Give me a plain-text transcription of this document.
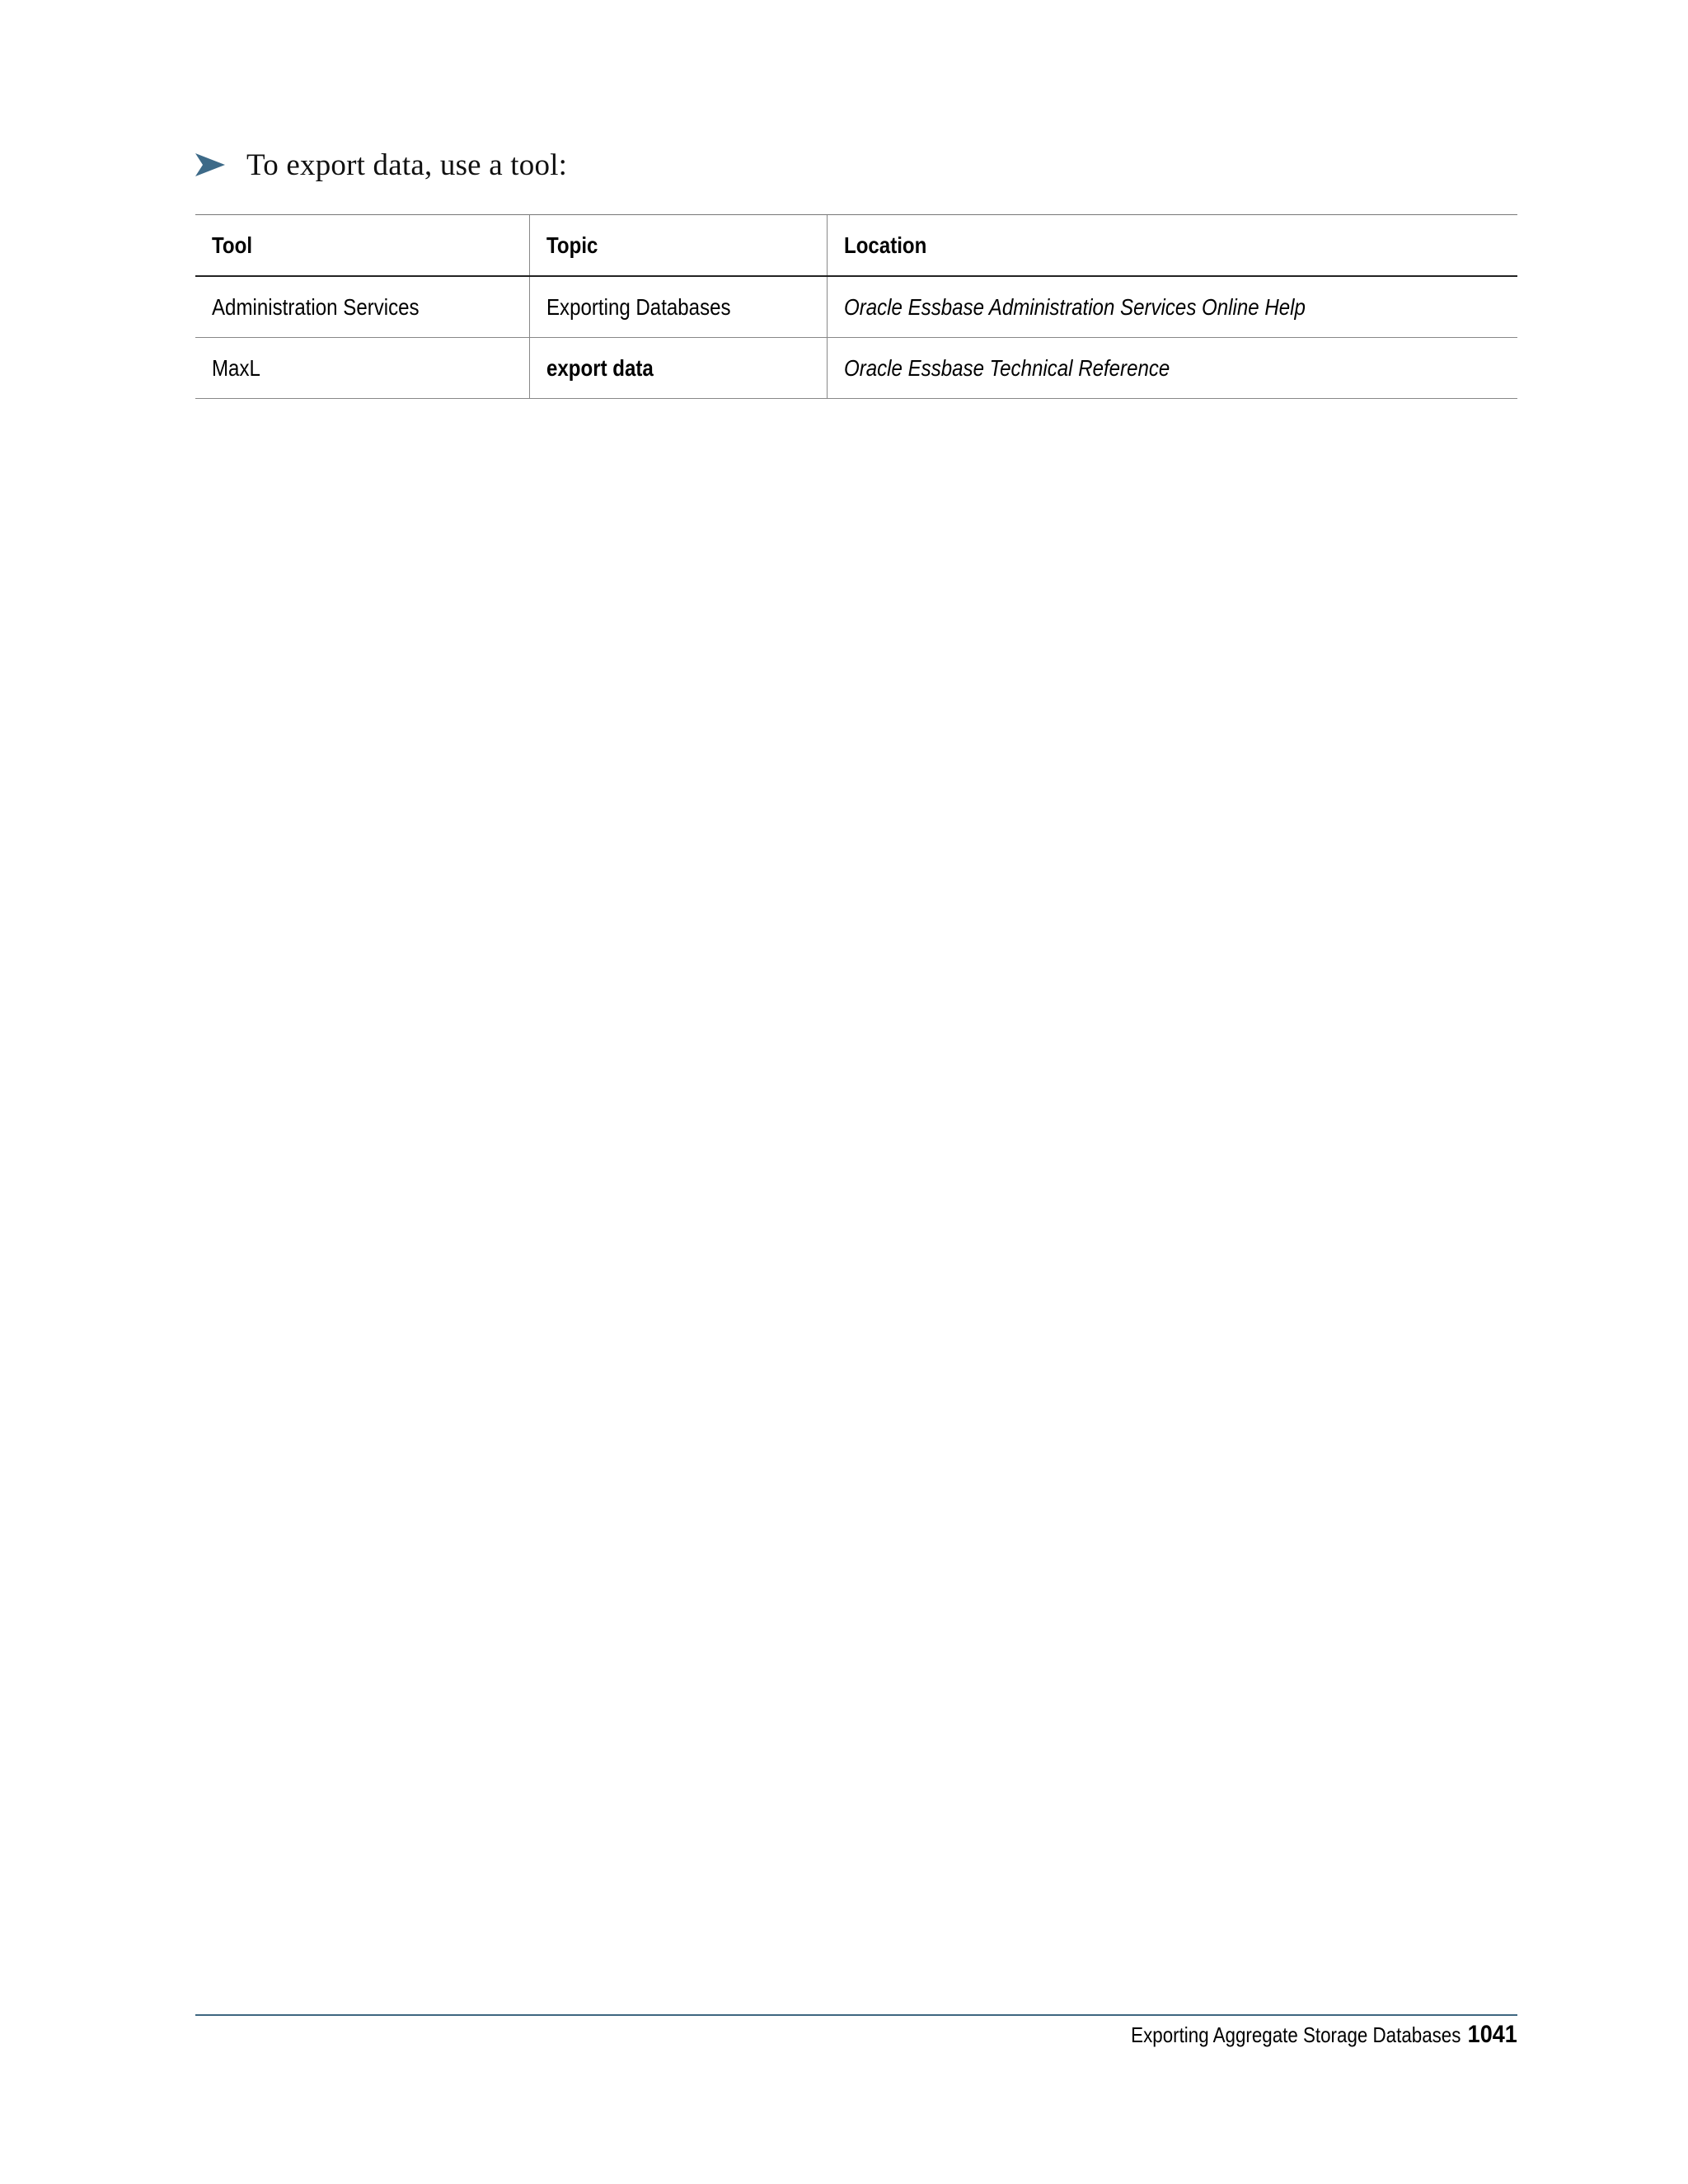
To export data, use a tool:
Tool	Topic	Location
Administration Services	Exporting Databases	Oracle Essbase Administration Services Online Help
MaxL	export data	Oracle Essbase Technical Reference
Exporting Aggregate Storage Databases 1041
